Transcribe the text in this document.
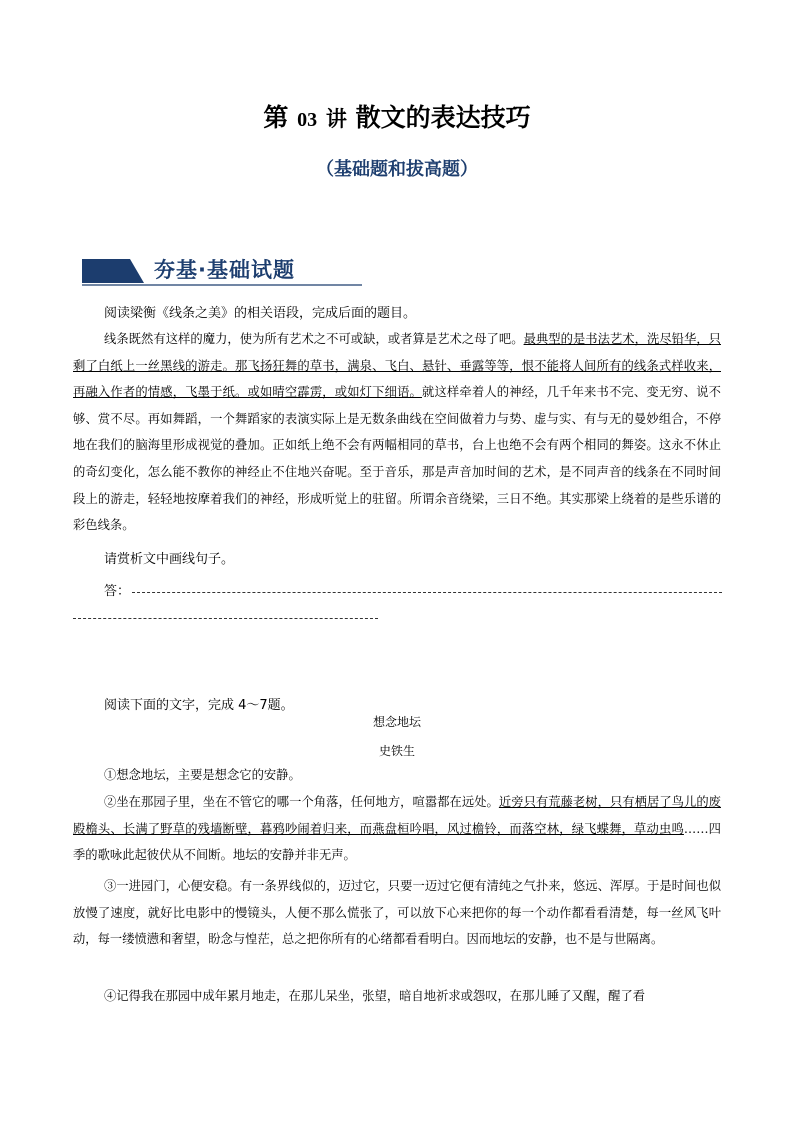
第 03 讲 散文的表达技巧
（基础题和拔高题）
夯基·基础试题
阅读梁衡《线条之美》的相关语段，完成后面的题目。
线条既然有这样的魔力，使为所有艺术之不可或缺，或者算是艺术之母了吧。最典型的是书法艺术，洗尽铅华，只剩了白纸上一丝黑线的游走。那飞扬狂舞的草书，满泉、飞白、悬针、垂露等等，恨不能将人间所有的线条式样收来，再融入作者的情感，飞墨于纸。或如晴空霹雳，或如灯下细语。就这样牵着人的神经，几千年来书不完、变无穷、说不够、赏不尽。再如舞蹈，一个舞蹈家的表演实际上是无数条曲线在空间做着力与势、虚与实、有与无的曼妙组合，不停地在我们的脑海里形成视觉的叠加。正如纸上绝不会有两幅相同的草书，台上也绝不会有两个相同的舞姿。这永不休止的奇幻变化，怎么能不教你的神经止不住地兴奋呢。至于音乐，那是声音加时间的艺术，是不同声音的线条在不同时间段上的游走，轻轻地按摩着我们的神经，形成听觉上的驻留。所谓余音绕梁，三日不绝。其实那梁上绕着的是些乐谱的彩色线条。
请赏析文中画线句子。
答：
阅读下面的文字，完成 4～7题。
想念地坛
史铁生
①想念地坛，主要是想念它的安静。
②坐在那园子里，坐在不管它的哪一个角落，任何地方，喧嚣都在远处。近旁只有荒藤老树，只有栖居了鸟儿的废殿檐头、长满了野草的残墙断壁，暮鸦吵闹着归来，而燕盘桓吟唱，风过檐铃，而落空林，绿飞蝶舞，草动虫鸣……四季的歌咏此起彼伏从不间断。地坛的安静并非无声。
③一进园门，心便安稳。有一条界线似的，迈过它，只要一迈过它便有清纯之气扑来，悠远、浑厚。于是时间也似放慢了速度，就好比电影中的慢镜头，人便不那么慌张了，可以放下心来把你的每一个动作都看看清楚，每一丝风飞叶动，每一缕愤懑和奢望，盼念与惶茫，总之把你所有的心绪都看看明白。因而地坛的安静，也不是与世隔离。
④记得我在那园中成年累月地走，在那儿呆坐，张望，暗自地祈求或怨叹，在那儿睡了又醒，醒了看
